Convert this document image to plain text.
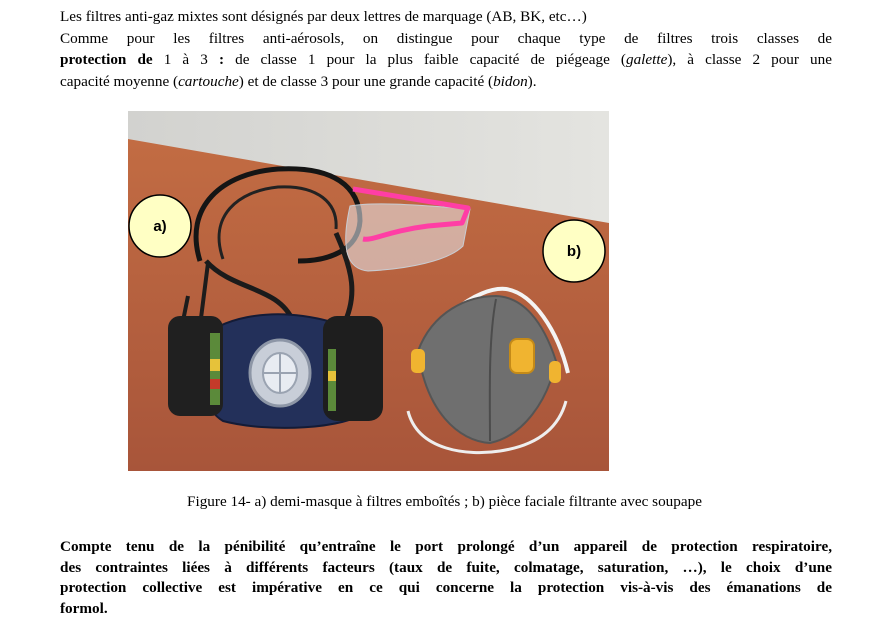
Les filtres anti-gaz mixtes sont désignés par deux lettres de marquage (AB, BK, etc…)
Comme pour les filtres anti-aérosols, on distingue pour chaque type de filtres trois classes de
protection de 1 à 3 : de classe 1 pour la plus faible capacité de piégeage (galette), à classe 2 pour une
capacité moyenne (cartouche) et de classe 3 pour une grande capacité (bidon).
a)
b)
Figure 14- a) demi-masque à filtres emboîtés ; b) pièce faciale filtrante avec soupape
Compte tenu de la pénibilité qu’entraîne le port prolongé d’un appareil de protection respiratoire,
des contraintes liées à différents facteurs (taux de fuite, colmatage, saturation, …), le choix d’une
protection collective est impérative en ce qui concerne la protection vis-à-vis des émanations de
formol.
